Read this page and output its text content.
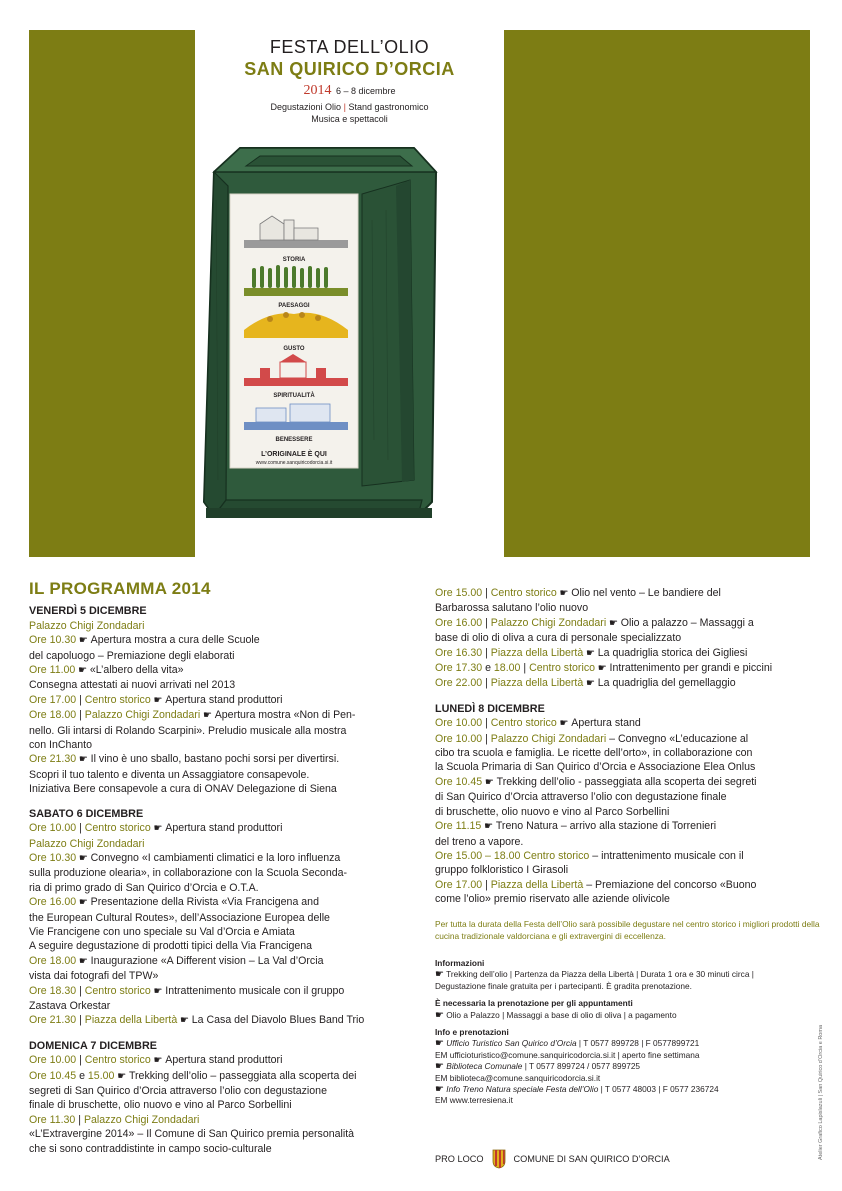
FESTA DELL’OLIO
SAN QUIRICO D’ORCIA
2014 6 – 8 dicembre
Degustazioni Olio | Stand gastronomico
Musica e spettacoli
STORIA
PAESAGGI
GUSTO
SPIRITUALITÀ
BENESSERE
L’ORIGINALE È QUI
www.comune.sanquiricodorcia.si.it
IL PROGRAMMA 2014
VENERDÌ 5 DICEMBRE
Palazzo Chigi Zondadari
Ore 10.30 ☛ Apertura mostra a cura delle Scuole
del capoluogo – Premiazione degli elaborati
Ore 11.00 ☛ «L’albero della vita»
Consegna attestati ai nuovi arrivati nel 2013
Ore 17.00 | Centro storico ☛ Apertura stand produttori
Ore 18.00 | Palazzo Chigi Zondadari ☛ Apertura mostra «Non di Pen-
nello. Gli intarsi di Rolando Scarpini». Preludio musicale alla mostra
con InChanto
Ore 21.30 ☛ Il vino è uno sballo, bastano pochi sorsi per divertirsi.
Scopri il tuo talento e diventa un Assaggiatore consapevole.
Iniziativa Bere consapevole a cura di ONAV Delegazione di Siena
SABATO 6 DICEMBRE
Ore 10.00 | Centro storico ☛ Apertura stand produttori
Palazzo Chigi Zondadari
Ore 10.30 ☛ Convegno «I cambiamenti climatici e la loro influenza
sulla produzione olearia», in collaborazione con la Scuola Seconda-
ria di primo grado di San Quirico d’Orcia e O.T.A.
Ore 16.00 ☛ Presentazione della Rivista «Via Francigena and
the European Cultural Routes», dell’Associazione Europea delle
Vie Francigene con uno speciale su Val d’Orcia e Amiata
A seguire degustazione di prodotti tipici della Via Francigena
Ore 18.00 ☛ Inaugurazione «A Different vision – La Val d’Orcia
vista dai fotografi del TPW»
Ore 18.30 | Centro storico ☛ Intrattenimento musicale con il gruppo
Zastava Orkestar
Ore 21.30 | Piazza della Libertà ☛ La Casa del Diavolo Blues Band Trio
DOMENICA 7 DICEMBRE
Ore 10.00 | Centro storico ☛ Apertura stand produttori
Ore 10.45 e 15.00 ☛ Trekking dell’olio – passeggiata alla scoperta dei
segreti di San Quirico d’Orcia attraverso l’olio con degustazione
finale di bruschette, olio nuovo e vino al Parco Sorbellini
Ore 11.30 | Palazzo Chigi Zondadari
«L’Extravergine 2014» – Il Comune di San Quirico premia personalità
che si sono contraddistinte in campo socio-culturale
Ore 15.00 | Centro storico ☛ Olio nel vento – Le bandiere del
Barbarossa salutano l’olio nuovo
Ore 16.00 | Palazzo Chigi Zondadari ☛ Olio a palazzo – Massaggi a
base di olio di oliva a cura di personale specializzato
Ore 16.30 | Piazza della Libertà ☛ La quadriglia storica dei Gigliesi
Ore 17.30 e 18.00 | Centro storico ☛ Intrattenimento per grandi e piccini
Ore 22.00 | Piazza della Libertà ☛ La quadriglia del gemellaggio
LUNEDÌ 8 DICEMBRE
Ore 10.00 | Centro storico ☛ Apertura stand
Ore 10.00 | Palazzo Chigi Zondadari – Convegno «L’educazione al
cibo tra scuola e famiglia. Le ricette dell’orto», in collaborazione con
la Scuola Primaria di San Quirico d’Orcia e Associazione Elea Onlus
Ore 10.45 ☛ Trekking dell’olio - passeggiata alla scoperta dei segreti
di San Quirico d’Orcia attraverso l’olio con degustazione finale
di bruschette, olio nuovo e vino al Parco Sorbellini
Ore 11.15 ☛ Treno Natura – arrivo alla stazione di Torrenieri
del treno a vapore.
Ore 15.00 – 18.00 Centro storico – intrattenimento musicale con il
gruppo folkloristico I Girasoli
Ore 17.00 | Piazza della Libertà – Premiazione del concorso «Buono
come l’olio» premio riservato alle aziende olivicole
Per tutta la durata della Festa dell’Olio sarà possibile degustare nel centro storico i migliori prodotti della cucina tradizionale valdorciana e gli extravergini di eccellenza.
Informazioni
☛ Trekking dell’olio | Partenza da Piazza della Libertà | Durata 1 ora e 30 minuti circa |
Degustazione finale gratuita per i partecipanti. È gradita prenotazione.
È necessaria la prenotazione per gli appuntamenti
☛ Olio a Palazzo | Massaggi a base di olio di oliva | a pagamento
Info e prenotazioni
☛ Ufficio Turistico San Quirico d’Orcia | T 0577 899728 | F 0577899721
EM ufficioturistico@comune.sanquiricodorcia.si.it | aperto fine settimana
☛ Biblioteca Comunale | T 0577 899724 / 0577 899725
EM biblioteca@comune.sanquiricodorcia.si.it
☛ Info Treno Natura speciale Festa dell’Olio | T 0577 48003 | F 0577 236724
EM www.terresiena.it
PRO LOCO	COMUNE DI SAN QUIRICO D’ORCIA	Atelier Grafico Lapislazuli | San Quirico d’Orcia e Roma
